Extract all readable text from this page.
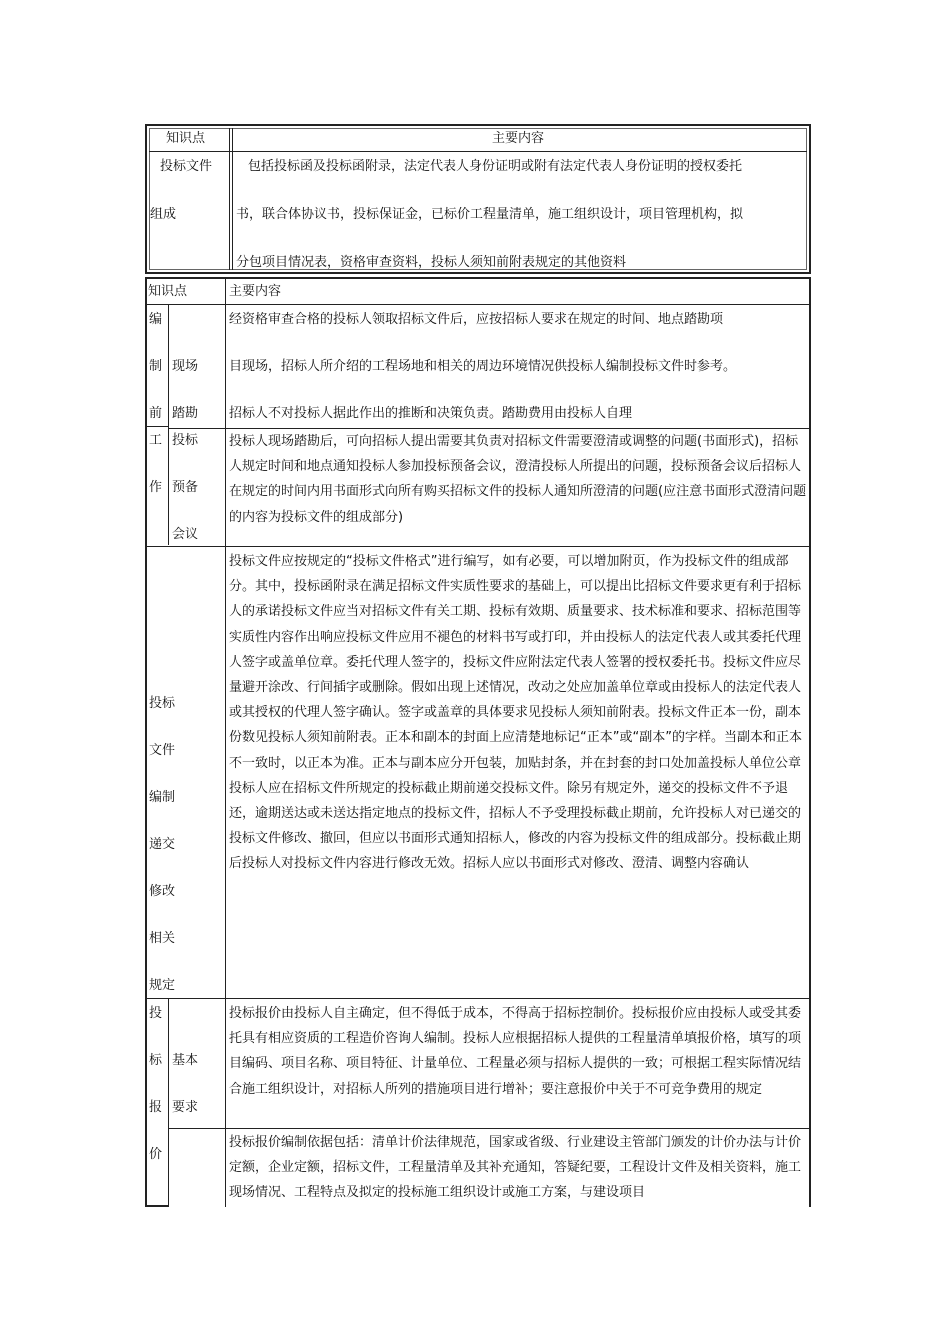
知识点	主要内容
投标文件
组成
包括投标函及投标函附录，法定代表人身份证明或附有法定代表人身份证明的授权委托
书，联合体协议书，投标保证金，已标价工程量清单，施工组织设计，项目管理机构，拟
分包项目情况表，资格审查资料，投标人须知前附表规定的其他资料
知识点	主要内容
编
制
前
工
作
现场
踏勘
经资格审查合格的投标人领取招标文件后，应按招标人要求在规定的时间、地点踏勘项
目现场，招标人所介绍的工程场地和相关的周边环境情况供投标人编制投标文件时参考。
招标人不对投标人据此作出的推断和决策负责。踏勘费用由投标人自理
投标
预备
会议
投标人现场踏勘后，可向招标人提出需要其负责对招标文件需要澄清或调整的问题(书面形式)，招标人规定时间和地点通知投标人参加投标预备会议，澄清投标人所提出的问题，投标预备会议后招标人在规定的时间内用书面形式向所有购买招标文件的投标人通知所澄清的问题(应注意书面形式澄清问题的内容为投标文件的组成部分)
投标
文件
编制
递交
修改
相关
规定
投标文件应按规定的“投标文件格式”进行编写，如有必要，可以增加附页，作为投标文件的组成部分。其中，投标函附录在满足招标文件实质性要求的基础上，可以提出比招标文件要求更有利于招标人的承诺投标文件应当对招标文件有关工期、投标有效期、质量要求、技术标准和要求、招标范围等实质性内容作出响应投标文件应用不褪色的材料书写或打印，并由投标人的法定代表人或其委托代理人签字或盖单位章。委托代理人签字的，投标文件应附法定代表人签署的授权委托书。投标文件应尽量避开涂改、行间插字或删除。假如出现上述情况，改动之处应加盖单位章或由投标人的法定代表人或其授权的代理人签字确认。签字或盖章的具体要求见投标人须知前附表。投标文件正本一份，副本份数见投标人须知前附表。正本和副本的封面上应清楚地标记“正本”或“副本”的字样。当副本和正本不一致时，以正本为准。正本与副本应分开包装，加贴封条，并在封套的封口处加盖投标人单位公章投标人应在招标文件所规定的投标截止期前递交投标文件。除另有规定外，递交的投标文件不予退还，逾期送达或未送达指定地点的投标文件，招标人不予受理投标截止期前，允许投标人对已递交的投标文件修改、撤回，但应以书面形式通知招标人，修改的内容为投标文件的组成部分。投标截止期后投标人对投标文件内容进行修改无效。招标人应以书面形式对修改、澄清、调整内容确认
投
标
报
价
基本
要求
投标报价由投标人自主确定，但不得低于成本，不得高于招标控制价。投标报价应由投标人或受其委托具有相应资质的工程造价咨询人编制。投标人应根据招标人提供的工程量清单填报价格，填写的项目编码、项目名称、项目特征、计量单位、工程量必须与招标人提供的一致；可根据工程实际情况结合施工组织设计，对招标人所列的措施项目进行增补；要注意报价中关于不可竞争费用的规定
投标报价编制依据包括：清单计价法律规范，国家或省级、行业建设主管部门颁发的计价办法与计价定额，企业定额，招标文件，工程量清单及其补充通知，答疑纪要，工程设计文件及相关资料，施工现场情况、工程特点及拟定的投标施工组织设计或施工方案，与建设项目
